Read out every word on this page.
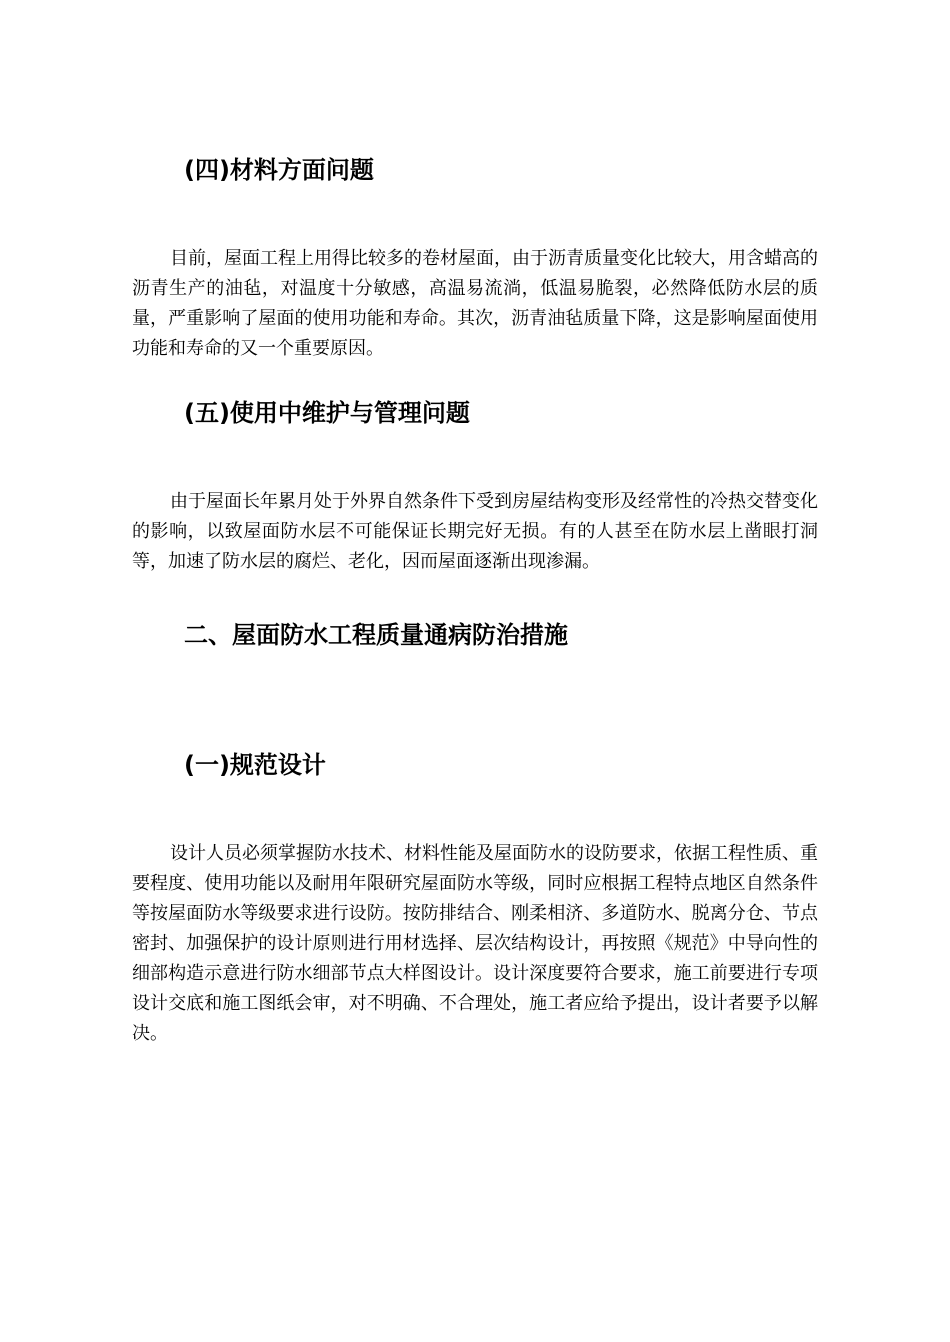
(四)材料方面问题

目前，屋面工程上用得比较多的卷材屋面，由于沥青质量变化比较大，用含蜡高的沥青生产的油毡，对温度十分敏感，高温易流淌，低温易脆裂，必然降低防水层的质量，严重影响了屋面的使用功能和寿命。其次，沥青油毡质量下降，这是影响屋面使用功能和寿命的又一个重要原因。

(五)使用中维护与管理问题

由于屋面长年累月处于外界自然条件下受到房屋结构变形及经常性的冷热交替变化的影响，以致屋面防水层不可能保证长期完好无损。有的人甚至在防水层上凿眼打洞等，加速了防水层的腐烂、老化，因而屋面逐渐出现渗漏。

二、屋面防水工程质量通病防治措施
(一)规范设计

设计人员必须掌握防水技术、材料性能及屋面防水的设防要求，依据工程性质、重要程度、使用功能以及耐用年限研究屋面防水等级，同时应根据工程特点地区自然条件等按屋面防水等级要求进行设防。按防排结合、刚柔相济、多道防水、脱离分仓、节点密封、加强保护的设计原则进行用材选择、层次结构设计，再按照《规范》中导向性的细部构造示意进行防水细部节点大样图设计。设计深度要符合要求，施工前要进行专项设计交底和施工图纸会审，对不明确、不合理处，施工者应给予提出，设计者要予以解决。
